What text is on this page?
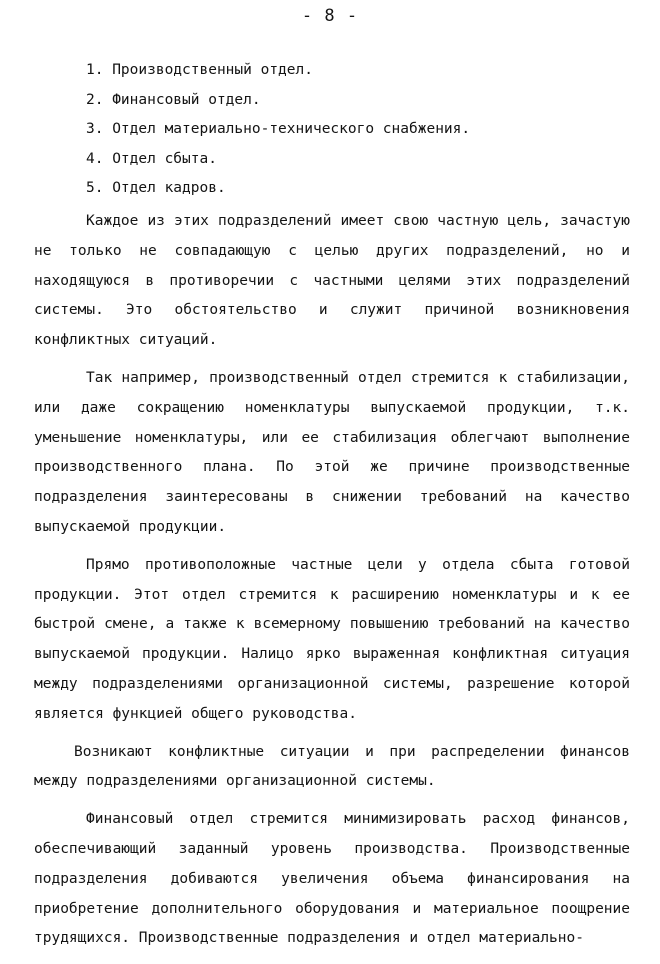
- 8 -
1. Производственный отдел.
2. Финансовый отдел.
3. Отдел материально-технического снабжения.
4. Отдел сбыта.
5. Отдел кадров.

Каждое из этих подразделений имеет свою частную цель, зачастую не только не совпадающую с целью других подразделений, но и находящуюся в противоречии с частными целями этих подразделений системы. Это обстоятельство и служит причиной возникновения конфликтных ситуаций.

Так например, производственный отдел стремится к стабилизации, или даже сокращению номенклатуры выпускаемой продукции, т.к. уменьшение номенклатуры, или ее стабилизация облегчают выполнение производственного плана. По этой же причине производственные подразделения заинтересованы в снижении требований на качество выпускаемой продукции.

Прямо противоположные частные цели у отдела сбыта готовой продукции. Этот отдел стремится к расширению номенклатуры и к ее быстрой смене, а также к всемерному повышению требований на качество выпускаемой продукции. Налицо ярко выраженная конфликтная ситуация между подразделениями организационной системы, разрешение которой является функцией общего руководства.

Возникают конфликтные ситуации и при распределении финансов между подразделениями организационной системы.

Финансовый отдел стремится минимизировать расход финансов, обеспечивающий заданный уровень производства. Производственные подразделения добиваются увеличения объема финансирования на приобретение дополнительного оборудования и материальное поощрение трудящихся. Производственные подразделения и отдел материально-
